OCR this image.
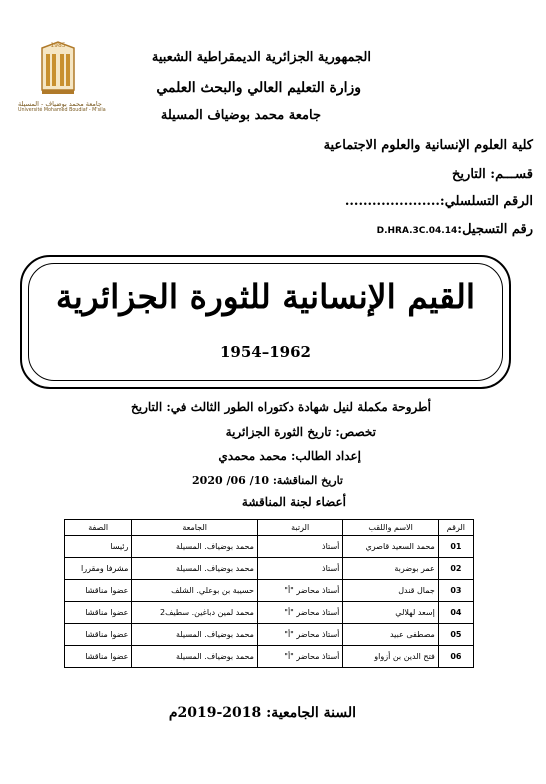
1985
جامعة محمد بوضياف - المسيلة
Université Mohamed Boudiaf - M'sila
الجمهورية الجزائرية الديمقراطية الشعبية
وزارة التعليم العالي والبحث العلمي
جامعة محمد بوضياف المسيلة
كلية العلوم الإنسانية والعلوم الاجتماعية
قســـم: التاريخ
الرقم التسلسلي:.....................
رقم التسجيل:D.HRA.3C.04.14
القيم الإنسانية للثورة الجزائرية
1954–1962
أطروحة مكملة لنيل شهادة دكتوراه الطور الثالث في: التاريخ
تخصص: تاريخ الثورة الجزائرية
إعداد الطالب: محمد محمدي
تاريخ المناقشة: 10/ 06/ 2020
أعضاء لجنة المناقشة
الرقم	الاسم واللقب	الرتبة	الجامعة	الصفة
01	محمد السعيد قاصري	أستاذ	محمد بوضياف. المسيلة	رئيسا
02	عمر بوضربة	أستاذ	محمد بوضياف. المسيلة	مشرفا ومقررا
03	جمال قندل	أستاذ محاضر "أ"	حسيبة بن بوعلي. الشلف	عضوا مناقشا
04	إسعد لهلالي	أستاذ محاضر "أ"	محمد لمين دباغين. سطيف2	عضوا مناقشا
05	مصطفى عبيد	أستاذ محاضر "أ"	محمد بوضياف. المسيلة	عضوا مناقشا
06	فتح الدين بن أزواو	أستاذ محاضر "أ"	محمد بوضياف. المسيلة	عضوا مناقشا
السنة الجامعية: 2018-2019م
